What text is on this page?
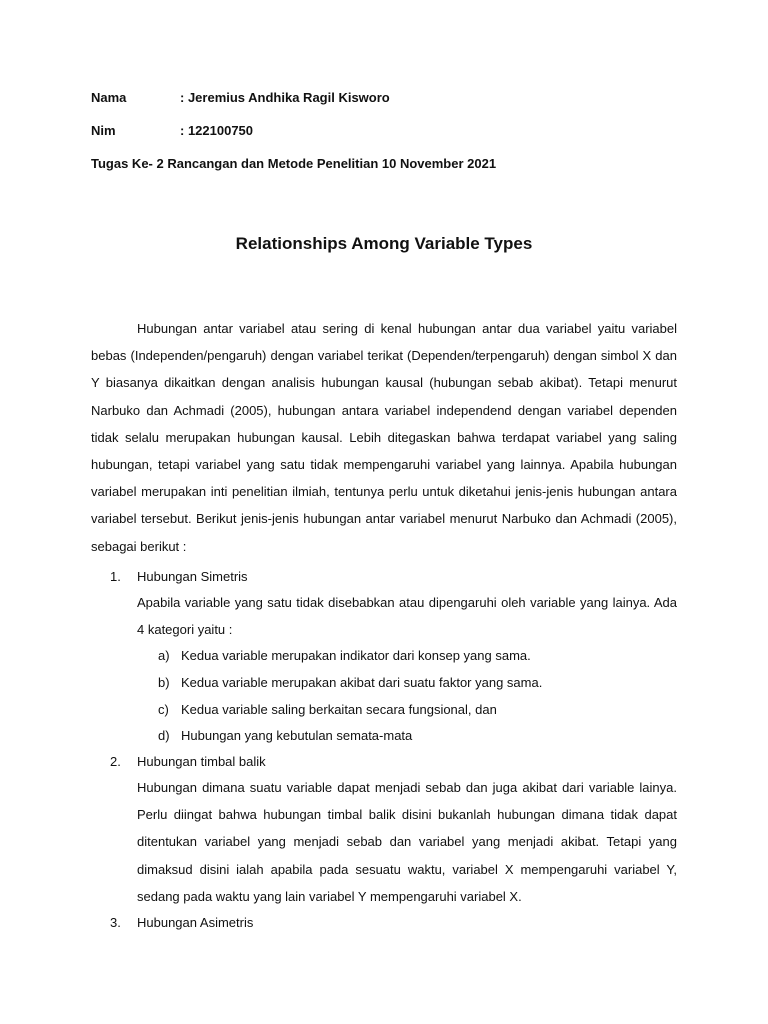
Nama	: Jeremius Andhika Ragil Kisworo
Nim	: 122100750
Tugas Ke- 2 Rancangan dan Metode Penelitian 10 November 2021
Relationships Among Variable Types

Hubungan antar variabel atau sering di kenal hubungan antar dua variabel yaitu variabel bebas (Independen/pengaruh) dengan variabel terikat (Dependen/terpengaruh) dengan simbol X dan Y biasanya dikaitkan dengan analisis hubungan kausal (hubungan sebab akibat). Tetapi menurut Narbuko dan Achmadi (2005), hubungan antara variabel independend dengan variabel dependen tidak selalu merupakan hubungan kausal. Lebih ditegaskan bahwa terdapat variabel yang saling hubungan, tetapi variabel yang satu tidak mempengaruhi variabel yang lainnya. Apabila hubungan variabel merupakan inti penelitian ilmiah, tentunya perlu untuk diketahui jenis-jenis hubungan antara variabel tersebut. Berikut jenis-jenis hubungan antar variabel menurut Narbuko dan Achmadi (2005), sebagai berikut :

1. Hubungan Simetris

Apabila variable yang satu tidak disebabkan atau dipengaruhi oleh variable yang lainya. Ada 4 kategori yaitu :

a) Kedua variable merupakan indikator dari konsep yang sama.
b) Kedua variable merupakan akibat dari suatu faktor yang sama.
c) Kedua variable saling berkaitan secara fungsional, dan
d) Hubungan yang kebutulan semata-mata
2. Hubungan timbal balik

Hubungan dimana suatu variable dapat menjadi sebab dan juga akibat dari variable lainya. Perlu diingat bahwa hubungan timbal balik disini bukanlah hubungan dimana tidak dapat ditentukan variabel yang menjadi sebab dan variabel yang menjadi akibat. Tetapi yang dimaksud disini ialah apabila pada sesuatu waktu, variabel X mempengaruhi variabel Y, sedang pada waktu yang lain variabel Y mempengaruhi variabel X.

3. Hubungan Asimetris
